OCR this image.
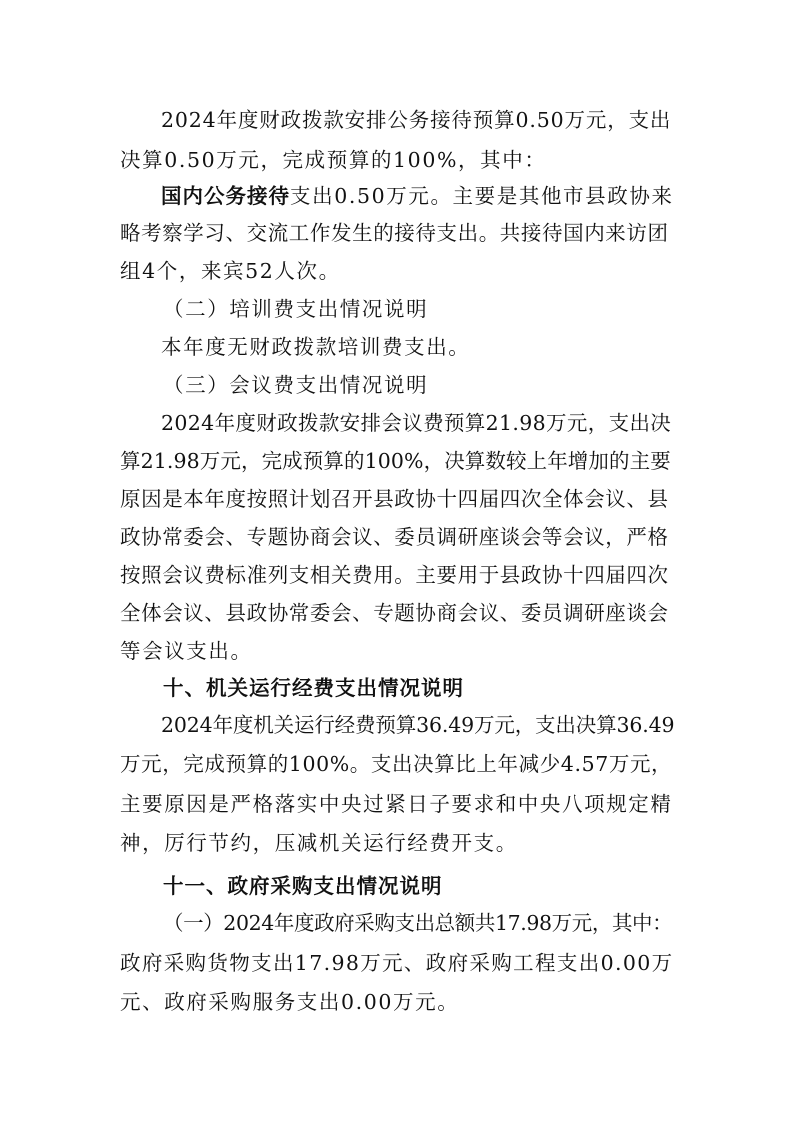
2024年度财政拨款安排公务接待预算0.50万元，支出
决算0.50万元，完成预算的100%，其中：
国内公务接待支出0.50万元。主要是其他市县政协来
略考察学习、交流工作发生的接待支出。共接待国内来访团
组4个，来宾52人次。
（二）培训费支出情况说明
本年度无财政拨款培训费支出。
（三）会议费支出情况说明
2024年度财政拨款安排会议费预算21.98万元，支出决
算21.98万元，完成预算的100%，决算数较上年增加的主要
原因是本年度按照计划召开县政协十四届四次全体会议、县
政协常委会、专题协商会议、委员调研座谈会等会议，严格
按照会议费标准列支相关费用。主要用于县政协十四届四次
全体会议、县政协常委会、专题协商会议、委员调研座谈会
等会议支出。
十、机关运行经费支出情况说明
2024年度机关运行经费预算36.49万元，支出决算36.49
万元，完成预算的100%。支出决算比上年减少4.57万元，
主要原因是严格落实中央过紧日子要求和中央八项规定精
神，厉行节约，压减机关运行经费开支。
十一、政府采购支出情况说明
（一）2024年度政府采购支出总额共17.98万元，其中：
政府采购货物支出17.98万元、政府采购工程支出0.00万
元、政府采购服务支出0.00万元。
